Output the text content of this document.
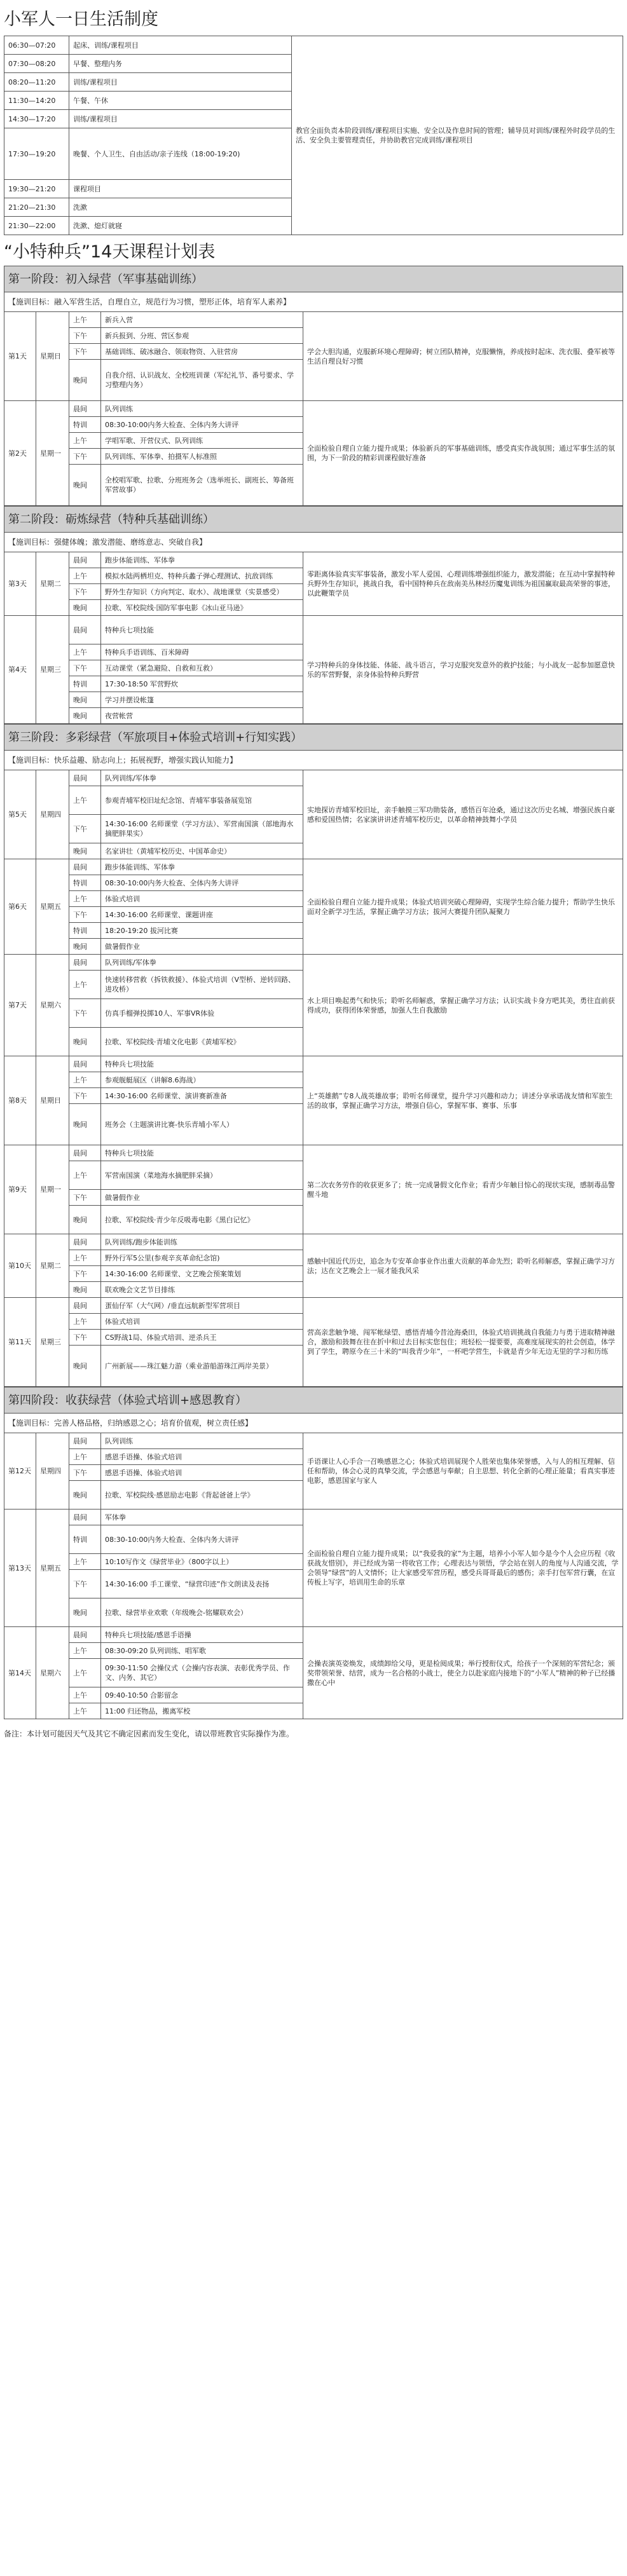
小军人一日生活制度
06:30—07:20	起床、训练/课程项目	教官全面负责本阶段训练/课程项目实施、安全以及作息时间的管理；辅导员对训练/课程外时段学员的生活、安全负主要管理责任，并协助教官完成训练/课程项目
07:30—08:20	早餐、整理内务	
08:20—11:20	训练/课程项目	
11:30—14:20	午餐、午休	
14:30—17:20	训练/课程项目	
17:30—19:20	晚餐、个人卫生、自由活动/亲子连线（18:00-19:20)	
19:30—21:20	课程项目	
21:20—21:30	洗漱	
21:30—22:00	洗漱、熄灯就寝	
“小特种兵”14天课程计划表
第一阶段：初入绿营（军事基础训练）				
【施训目标：融入军营生活，自理自立，规范行为习惯，塑形正体，培育军人素养】				
第1天	星期日	上午	新兵入营	学会大胆沟通，克服新环境心理障碍；树立团队精神，克服懒惰，养成按时起床、洗衣服、叠军被等生活自理良好习惯
		下午	新兵报到、分班、营区参观	
		下午	基础训练、破冰融合、领取物资、入驻营房	
		晚间	自我介绍、认识战友、全校班训课（军纪礼节、番号要求、学习整理内务）	
第2天	星期一	晨间	队列训练	全面检验自理自立能力提升成果；体验新兵的军事基础训练，感受真实作战氛围；通过军事生活的氛围，为下一阶段的精彩训课程做好准备
		特训	08:30-10:00内务大检查、全体内务大讲评	
		上午	学唱军歌、开营仪式、队列训练	
		下午	队列训练、军体拳、拍摄军人标准照	
		晚间	全校唱军歌、拉歌、分班班务会（选举班长、副班长、筹备班军营故事）	
第二阶段：砺炼绿营（特种兵基础训练）				
【施训目标：强健体魄；激发潜能、磨练意志、突破自我】				
第3天	星期二	晨间	跑步体能训练、军体拳	零距离体验真实军事装备，激发小军人爱国、心理训练增强组织能力，激发潜能；在互动中掌握特种兵野外生存知识，挑战自我，看中国特种兵在敌南美丛林经历魔鬼训练为祖国赢取最高荣誉的事迹，以此鞭策学员
		上午	模拟水陆两栖坦克、特种兵蠡子弹心理测试、抗敌训练	
		下午	野外生存知识（方向判定、取水）、战地课堂（实景感受）	
		晚间	拉歌、军校院线·国防军事电影《冰山亚马逊》	
第4天	星期三	晨间	特种兵七项技能	学习特种兵的身体技能、体能、战斗语言，学习克服突发意外的救护技能；与小战友一起参加愿意快乐的军营野餐，亲身体验特种兵野营
		上午	特种兵手语训练、百米障碍	
		下午	互动课堂（紧急避险、自救和互救）	
		特训	17:30-18:50 军营野炊	
		晚间	学习并摆设帐篷	
		晚间	夜营帐营	
第三阶段：多彩绿营（军旅项目+体验式培训+行知实践）				
【施训目标：快乐益趣、励志向上；拓展视野，增强实践认知能力】				
第5天	星期四	晨间	队列训练/军体拳	实地探访青埔军校旧址，亲手触摸三军功勋装备，感悟百年沧桑，通过这次历史名城、增强民族自豪感和爱国热情；名家演讲讲述青埔军校历史，以革命精神鼓舞小学员
		上午	参观青埔军校旧址纪念馆、青埔军事装备展览馆	
		下午	14:30-16:00 名师课堂（学习方法）、军营南国演（部地海水摘肥胖果实）	
		晚间	名家讲壮（黄埔军校历史、中国革命史）	
第6天	星期五	晨间	跑步体能训练、军体拳	全面检验自理自立能力提升成果；体验式培训突破心理障碍，实现学生综合能力提升；帮助学生快乐面对全新学习生活，掌握正确学习方法；拔河大赛提升团队凝聚力
		特训	08:30-10:00内务大检查、全体内务大讲评	
		上午	体验式培训	
		下午	14:30-16:00 名师课堂、课题讲座	
		特训	18:20-19:20 拔河比赛	
		晚间	做暑假作业	
第7天	星期六	晨间	队列训练/军体拳	水上项目唤起勇气和快乐；聆听名师解惑，掌握正确学习方法；认识实战卡身方吧其美，勇往直前获得成功，获得团体荣誉感，加强人生自我激励
		上午	快速转移营救（拆铁救援）、体验式培训（V型桥、逆转回路、进攻桥）	
		下午	仿真手榴弹投掷10人、军事VR体验	
		晚间	拉歌、军校院线·青埔文化电影《黄埔军校》	
第8天	星期日	晨间	特种兵七项技能	上“英雄鹅”专8人战英雄故事；聆听名师课堂，提升学习兴趣和动力；讲述分享承诺战友情和军旅生活的故事，掌握正确学习方法，增强自信心，掌握军事、赛事、乐事
		上午	参观舰艇展区（讲解8.6海战）	
		下午	14:30-16:00 名师课堂、演讲赛新准备	
		晚间	班务会（主题演讲比赛-快乐青埔小军人）	
第9天	星期一	晨间	特种兵七项技能	第二次农务劳作的收获更多了；统一完成暑假文化作业；看青少年触目惊心的现状实现，感制毒品警醒斗地
		上午	军营南国演（菜地海水摘肥胖采摘）	
		下午	做暑假作业	
		晚间	拉歌、军校院线·青少年反吸毒电影《黑白记忆》	
第10天	星期二	晨间	队列训练/跑步体能训练	感触中国近代历史，追念为专安革命事业作出重大贡献的革命先烈；聆听名师解惑，掌握正确学习方法；达在文艺晚会上一展才能我风采
		上午	野外行军5公里(参观辛亥革命纪念馆)	
		下午	14:30-16:00 名师课堂、文艺晚会预案策划	
		晚间	联欢晚会文艺节目排练	
第11天	星期三	晨间	蛋仙仔军（大气网）/垂直远航新型军营项目	营高亲悲触争境、闯军帐绿望、感悟青埔今昔沧海桑田，体验式培训挑战自我能力与勇于进取精神融合，激励和鼓舞在往在折中和过去目标实您包住；班轻松一提要要，高难度展现实的社会创造，体学到了学生，聘原今在三十米的“叫我青少年”，一杯吧学营生，卡就是青少年无边无里的学习和历练
		上午	体验式培训	
		下午	CS野战1局、体验式培训、逆杀兵王	
		晚间	广州新展——珠江魅力游（乘业游船游珠江两岸美景）	
第四阶段：收获绿营（体验式培训+感恩教育）				
【施训目标：完善人格品格，归纳感恩之心；培育价值观，树立责任感】				
第12天	星期四	晨间	队列训练	手语课让人心手合一召唤感恩之心；体验式培训展现个人胜荣也集体荣誉感，入与人的相互理解、信任和帮助，体会心灵的真挚交流，学会感恩与奉献；自主思想、转化全新的心理正能量；看真实事迹电影，感恩国家与家人
		上午	感恩手语操、体验式培训	
		下午	感恩手语操、体验式培训	
		晚间	拉歌、军校院线·感恩励志电影《背起爸爸上学》	
第13天	星期五	晨间	军体拳	全面检验自理自立能力提升成果；以“我爱我的家”为主题，培养小小军人如今是今个人会应历程《收获战友惜别》，并已经成为第一将收官工作；心理表达与领悟，学会站在别人的角度与人沟通交流，学会领导“绿营”的人文情怀；让大家感受军营历程，感受兵哥哥最后的感伤；亲手打包军营行囊，在宣传板上写字，培训用生命的乐章
		特训	08:30-10:00内务大检查、全体内务大讲评	
		上午	10:10写作文《绿营毕业》（800字以上）	
		下午	14:30-16:00 手工课堂、“绿营印迹”作文朗读及表扬	
		晚间	拉歌、绿营毕业欢歌（年级晚会-铭耀联欢会）	
第14天	星期六	晨间	特种兵七项技能/感恩手语操	会操表演英姿焕发，成绩卸给父母，更是检阅成果；举行授衔仪式，给孩子一个深刻的军营纪念；颁奖带领荣誉、结营，成为一名合格的小战士，使全力以赴家庭内接地下的“小军人”精神的种子已经播撒在心中
		上午	08:30-09:20 队列训练、唱军歌	
		上午	09:30-11:50 会操仪式（会操内容表演、表彰优秀学员、作文、内务、其它）	
		上午	09:40-10:50 合影留念	
		上午	11:00 归还物品，搬离军校	
备注：本计划可能因天气及其它不确定因素而发生变化，请以带班教官实际操作为准。
